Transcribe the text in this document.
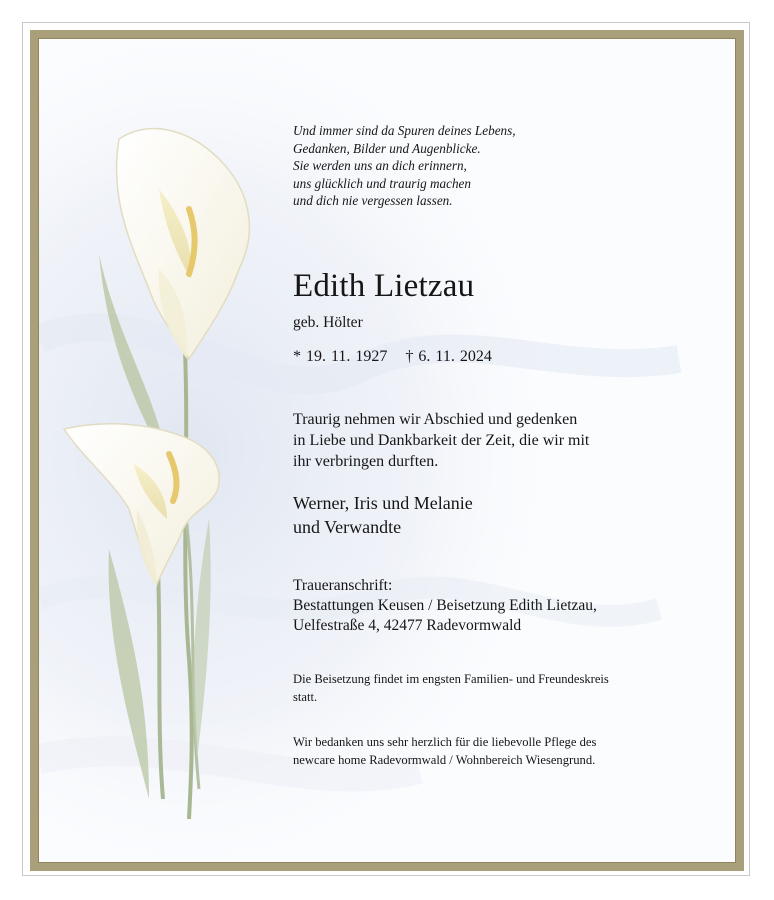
Und immer sind da Spuren deines Lebens,
Gedanken, Bilder und Augenblicke.
Sie werden uns an dich erinnern,
uns glücklich und traurig machen
und dich nie vergessen lassen.

Edith Lietzau

geb. Hölter

* 19. 11. 1927 † 6. 11. 2024

Traurig nehmen wir Abschied und gedenken
in Liebe und Dankbarkeit der Zeit, die wir mit
ihr verbringen durften.

Werner, Iris und Melanie
und Verwandte

Traueranschrift:
Bestattungen Keusen / Beisetzung Edith Lietzau,
Uelfestraße 4, 42477 Radevormwald

Die Beisetzung findet im engsten Familien- und Freundeskreis
statt.

Wir bedanken uns sehr herzlich für die liebevolle Pflege des
newcare home Radevormwald / Wohnbereich Wiesengrund.
